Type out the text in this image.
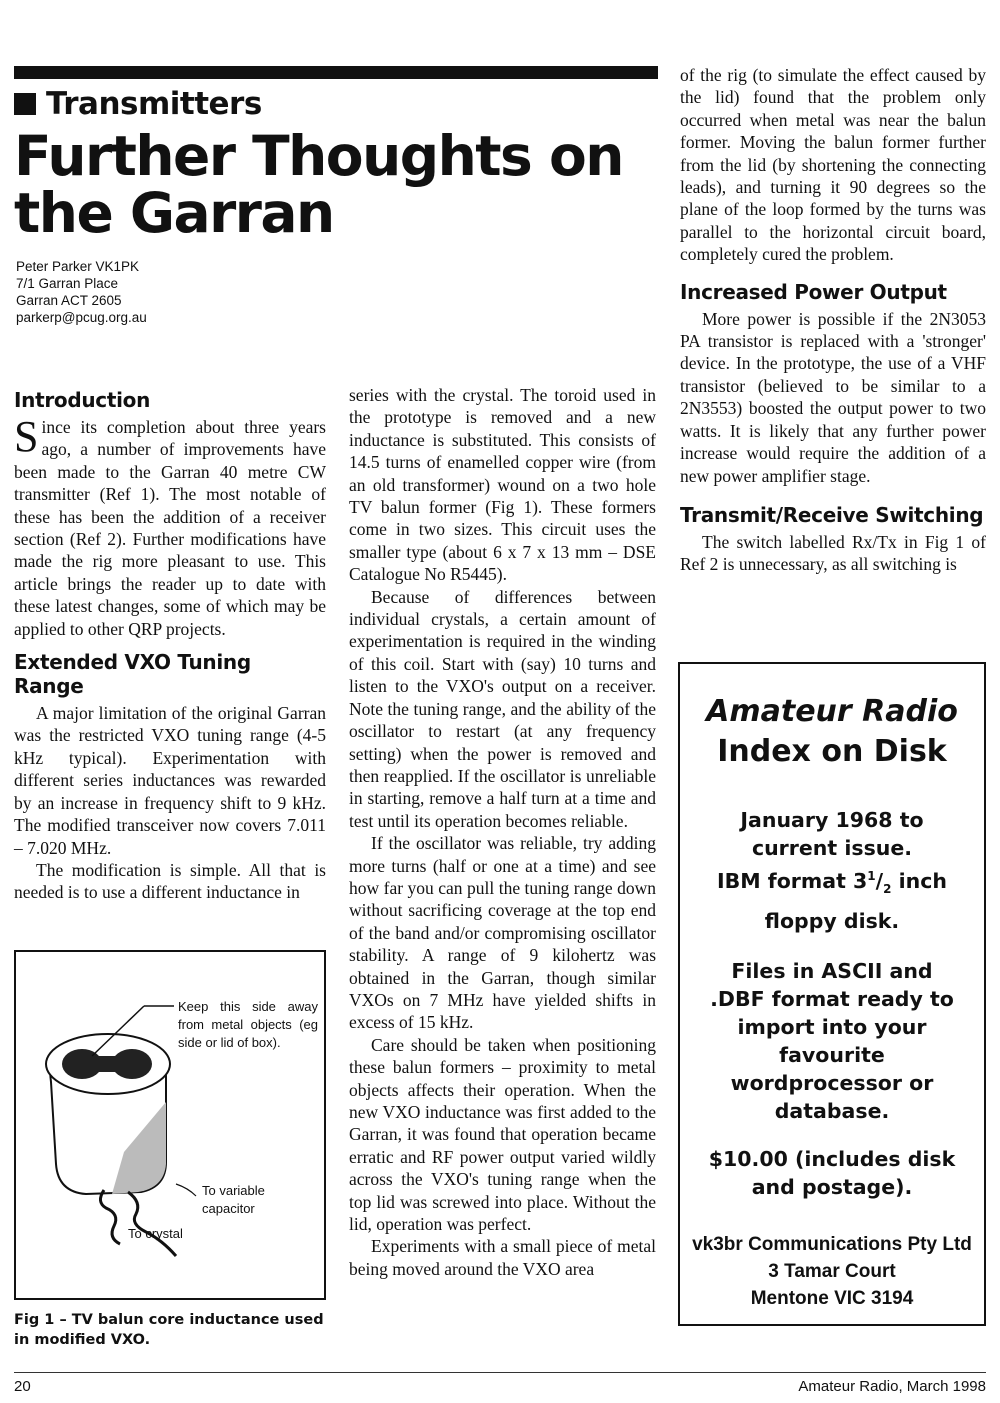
Transmitters
Further Thoughts on the Garran
Peter Parker VK1PK
7/1 Garran Place
Garran ACT 2605
parkerp@pcug.org.au
Introduction

Since its completion about three years ago, a number of improvements have been made to the Garran 40 metre CW transmitter (Ref 1). The most notable of these has been the addition of a receiver section (Ref 2). Further modifications have made the rig more pleasant to use. This article brings the reader up to date with these latest changes, some of which may be applied to other QRP projects.

Extended VXO Tuning Range

A major limitation of the original Garran was the restricted VXO tuning range (4-5 kHz typical). Experimentation with different series inductances was rewarded by an increase in frequency shift to 9 kHz. The modified transceiver now covers 7.011 – 7.020 MHz.

The modification is simple. All that is needed is to use a different inductance in

Keep this side away from metal objects (eg side or lid of box).
To variable capacitor
To crystal
Fig 1 – TV balun core inductance used in modified VXO.

series with the crystal. The toroid used in the prototype is removed and a new inductance is substituted. This consists of 14.5 turns of enamelled copper wire (from an old transformer) wound on a two hole TV balun former (Fig 1). These formers come in two sizes. This circuit uses the smaller type (about 6 x 7 x 13 mm – DSE Catalogue No R5445).

Because of differences between individual crystals, a certain amount of experimentation is required in the winding of this coil. Start with (say) 10 turns and listen to the VXO's output on a receiver. Note the tuning range, and the ability of the oscillator to restart (at any frequency setting) when the power is removed and then reapplied. If the oscillator is unreliable in starting, remove a half turn at a time and test until its operation becomes reliable.

If the oscillator was reliable, try adding more turns (half or one at a time) and see how far you can pull the tuning range down without sacrificing coverage at the top end of the band and/or compromising oscillator stability. A range of 9 kilohertz was obtained in the Garran, though similar VXOs on 7 MHz have yielded shifts in excess of 15 kHz.

Care should be taken when positioning these balun formers – proximity to metal objects affects their operation. When the new VXO inductance was first added to the Garran, it was found that operation became erratic and RF power output varied wildly across the VXO's tuning range when the top lid was screwed into place. Without the lid, operation was perfect.

Experiments with a small piece of metal being moved around the VXO area

of the rig (to simulate the effect caused by the lid) found that the problem only occurred when metal was near the balun former. Moving the balun former further from the lid (by shortening the connecting leads), and turning it 90 degrees so the plane of the loop formed by the turns was parallel to the horizontal circuit board, completely cured the problem.

Increased Power Output

More power is possible if the 2N3053 PA transistor is replaced with a 'stronger' device. In the prototype, the use of a VHF transistor (believed to be similar to a 2N3553) boosted the output power to two watts. It is likely that any further power increase would require the addition of a new power amplifier stage.

Transmit/Receive Switching

The switch labelled Rx/Tx in Fig 1 of Ref 2 is unnecessary, as all switching is

Amateur Radio
Index on Disk
January 1968 to
current issue.
IBM format $3^1/_2$ inch
floppy disk.
Files in ASCII and
.DBF format ready to
import into your
favourite
wordprocessor or
database.
$10.00 (includes disk
and postage).
vk3br Communications Pty Ltd
3 Tamar Court
Mentone VIC 3194
20	Amateur Radio, March 1998
